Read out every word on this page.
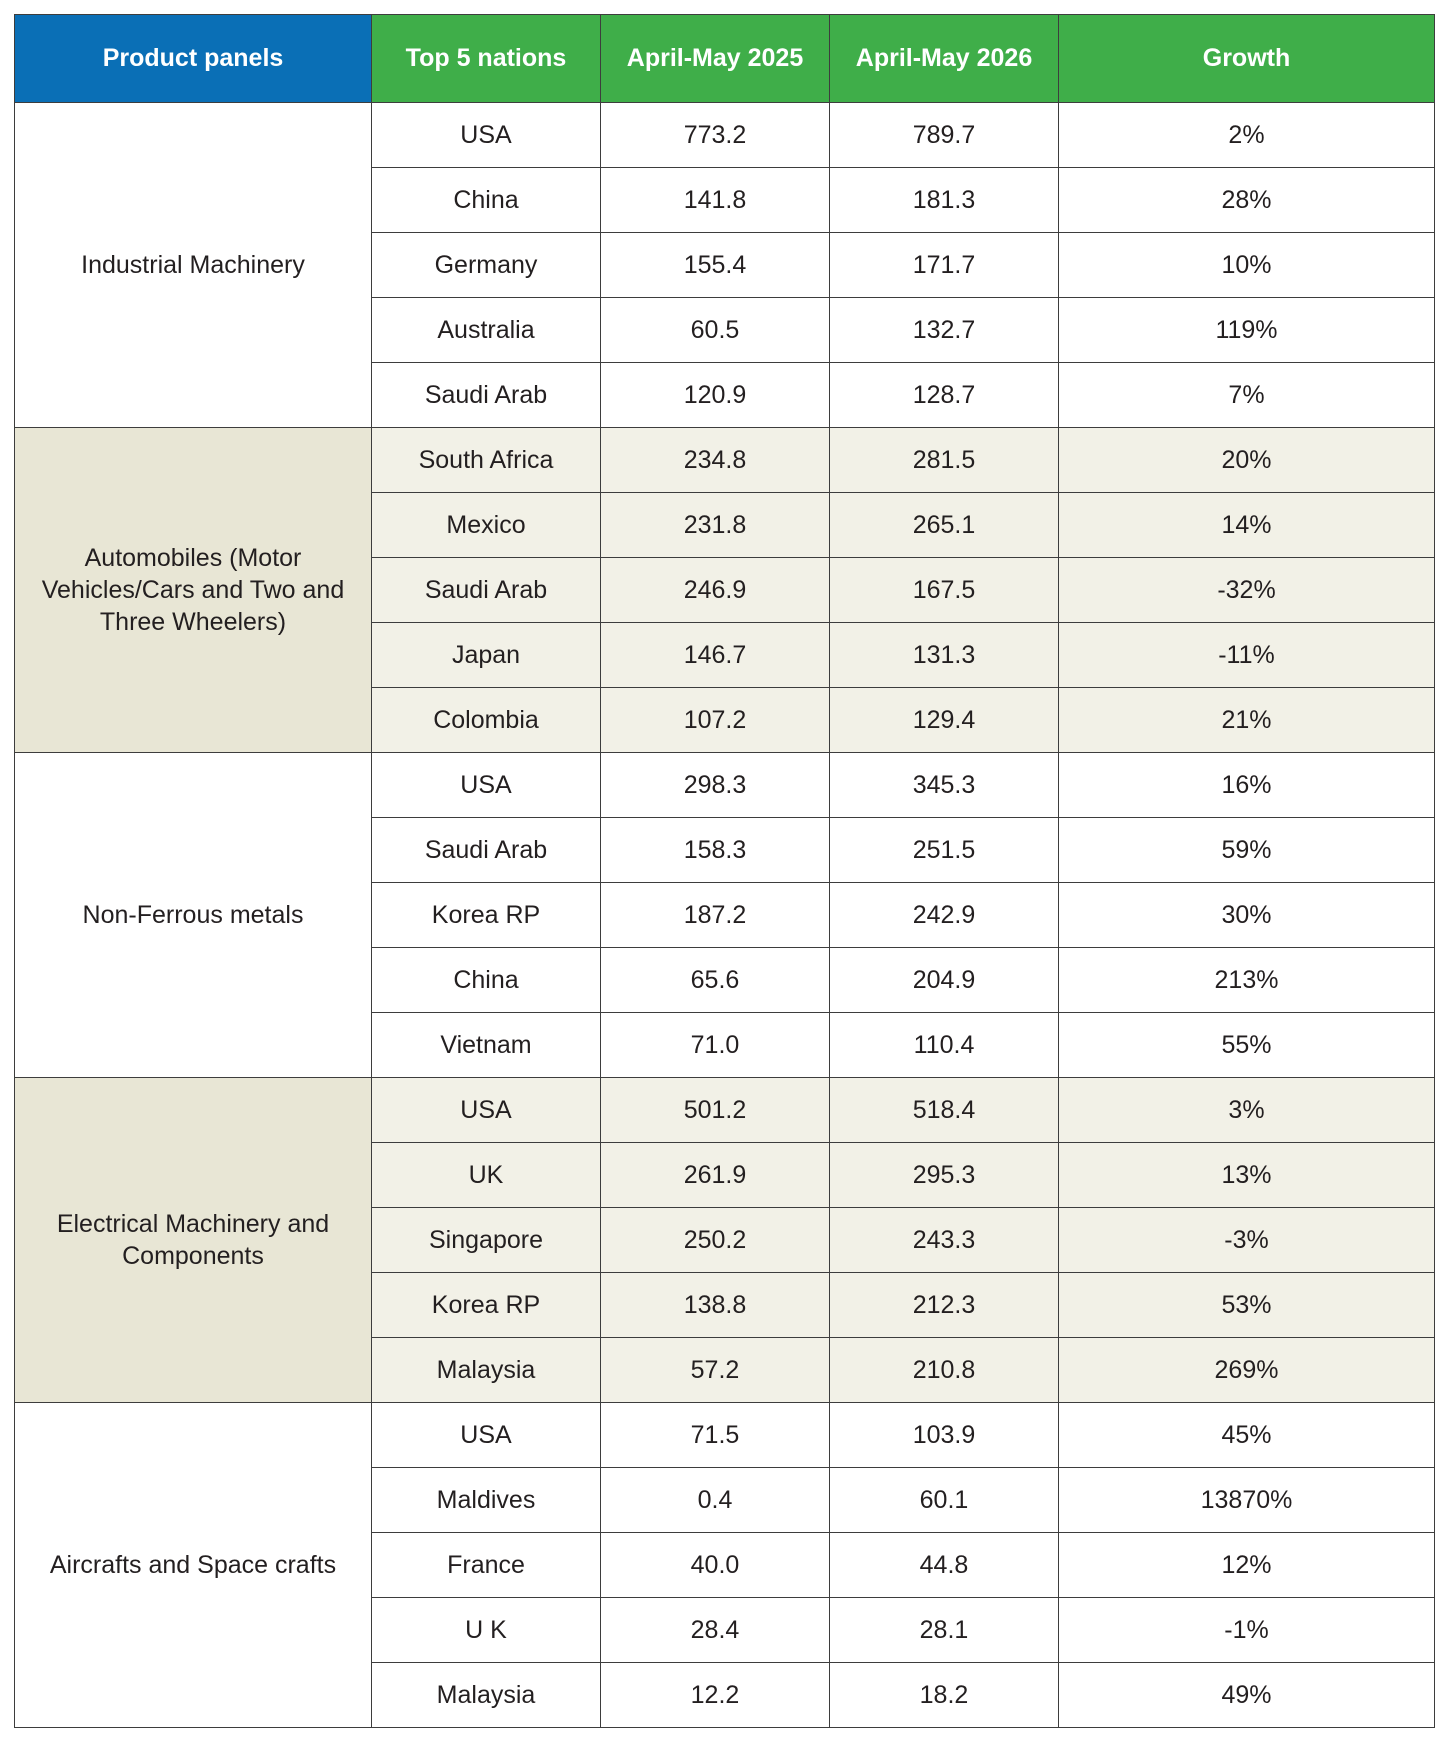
Product panels	Top 5 nations	April-May 2025	April-May 2026	Growth
Industrial Machinery	USA	773.2	789.7	2%
	China	141.8	181.3	28%
	Germany	155.4	171.7	10%
	Australia	60.5	132.7	119%
	Saudi Arab	120.9	128.7	7%
Automobiles (Motor Vehicles/Cars and Two and Three Wheelers)	South Africa	234.8	281.5	20%
	Mexico	231.8	265.1	14%
	Saudi Arab	246.9	167.5	-32%
	Japan	146.7	131.3	-11%
	Colombia	107.2	129.4	21%
Non-Ferrous metals	USA	298.3	345.3	16%
	Saudi Arab	158.3	251.5	59%
	Korea RP	187.2	242.9	30%
	China	65.6	204.9	213%
	Vietnam	71.0	110.4	55%
Electrical Machinery and Components	USA	501.2	518.4	3%
	UK	261.9	295.3	13%
	Singapore	250.2	243.3	-3%
	Korea RP	138.8	212.3	53%
	Malaysia	57.2	210.8	269%
Aircrafts and Space crafts	USA	71.5	103.9	45%
	Maldives	0.4	60.1	13870%
	France	40.0	44.8	12%
	U K	28.4	28.1	-1%
	Malaysia	12.2	18.2	49%
